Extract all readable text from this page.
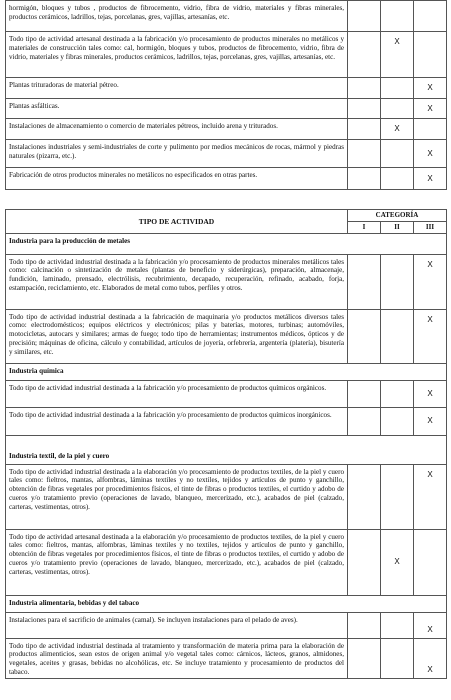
hormigón, bloques y tubos , productos de fibrocemento, vidrio, fibra de vidrio, materiales y fibras minerales, productos cerámicos, ladrillos, tejas, porcelanas, gres, vajillas, artesanías, etc.			
Todo tipo de actividad artesanal destinada a la fabricación y/o procesamiento de productos minerales no metálicos y materiales de construcción tales como: cal, hormigón, bloques y tubos, productos de fibrocemento, vidrio, fibra de vidrio, materiales y fibras minerales, productos cerámicos, ladrillos, tejas, porcelanas, gres, vajillas, artesanías, etc.		X	
Plantas trituradoras de material pétreo.			X
Plantas asfálticas.			X
Instalaciones de almacenamiento o comercio de materiales pétreos, incluido arena y triturados.		X	
Instalaciones industriales y semi-industriales de corte y pulimento por medios mecánicos de rocas, mármol y piedras naturales (pizarra, etc.).			X
Fabricación de otros productos minerales no metálicos no especificados en otras partes.			X
TIPO DE ACTIVIDAD	CATEGORÍA		
	I	II	III
Industria para la producción de metales			
Todo tipo de actividad industrial destinada a la fabricación y/o procesamiento de productos minerales metálicos tales como: calcinación o sintetización de metales (plantas de beneficio y siderúrgicas), preparación, almacenaje, fundición, laminado, prensado, electrólisis, recubrimiento, decapado, recuperación, refinado, acabado, forja, estampación, reciclamiento, etc. Elaborados de metal como tubos, perfiles y otros.			X
Todo tipo de actividad industrial destinada a la fabricación de maquinaria y/o productos metálicos diversos tales como: electrodomésticos; equipos eléctricos y electrónicos; pilas y baterías, motores, turbinas; automóviles, motocicletas, autocars y similares; armas de fuego; todo tipo de herramientas; instrumentos médicos, ópticos y de precisión; máquinas de oficina, cálculo y contabilidad, artículos de joyería, orfebrería, argentería (platería), bisutería y similares, etc.			X
Industria química			
Todo tipo de actividad industrial destinada a la fabricación y/o procesamiento de productos químicos orgánicos.			X
Todo tipo de actividad industrial destinada a la fabricación y/o procesamiento de productos químicos inorgánicos.			X
Industria textil, de la piel y cuero			
Todo tipo de actividad industrial destinada a la elaboración y/o procesamiento de productos textiles, de la piel y cuero tales como: fieltros, mantas, alfombras, láminas textiles y no textiles, tejidos y artículos de punto y ganchillo, obtención de fibras vegetales por procedimientos físicos, el tinte de fibras o productos textiles, el curtido y adobo de cueros y/o tratamiento previo (operaciones de lavado, blanqueo, mercerizado, etc.), acabados de piel (calzado, carteras, vestimentas, otros).			X
Todo tipo de actividad artesanal destinada a la elaboración y/o procesamiento de productos textiles, de la piel y cuero tales como: fieltros, mantas, alfombras, láminas textiles y no textiles, tejidos y artículos de punto y ganchillo, obtención de fibras vegetales por procedimientos físicos, el tinte de fibras o productos textiles, el curtido y adobo de cueros y/o tratamiento previo (operaciones de lavado, blanqueo, mercerizado, etc.), acabados de piel (calzado, carteras, vestimentas, otros).		X	
Industria alimentaria, bebidas y del tabaco			
Instalaciones para el sacrificio de animales (camal). Se incluyen instalaciones para el pelado de aves).			X
Todo tipo de actividad industrial destinada al tratamiento y transformación de materia prima para la elaboración de productos alimenticios, sean estos de origen animal y/o vegetal tales como: cárnicos, lácteos, granos, almidones, vegetales, aceites y grasas, bebidas no alcohólicas, etc. Se incluye tratamiento y procesamiento de productos del tabaco.			X
